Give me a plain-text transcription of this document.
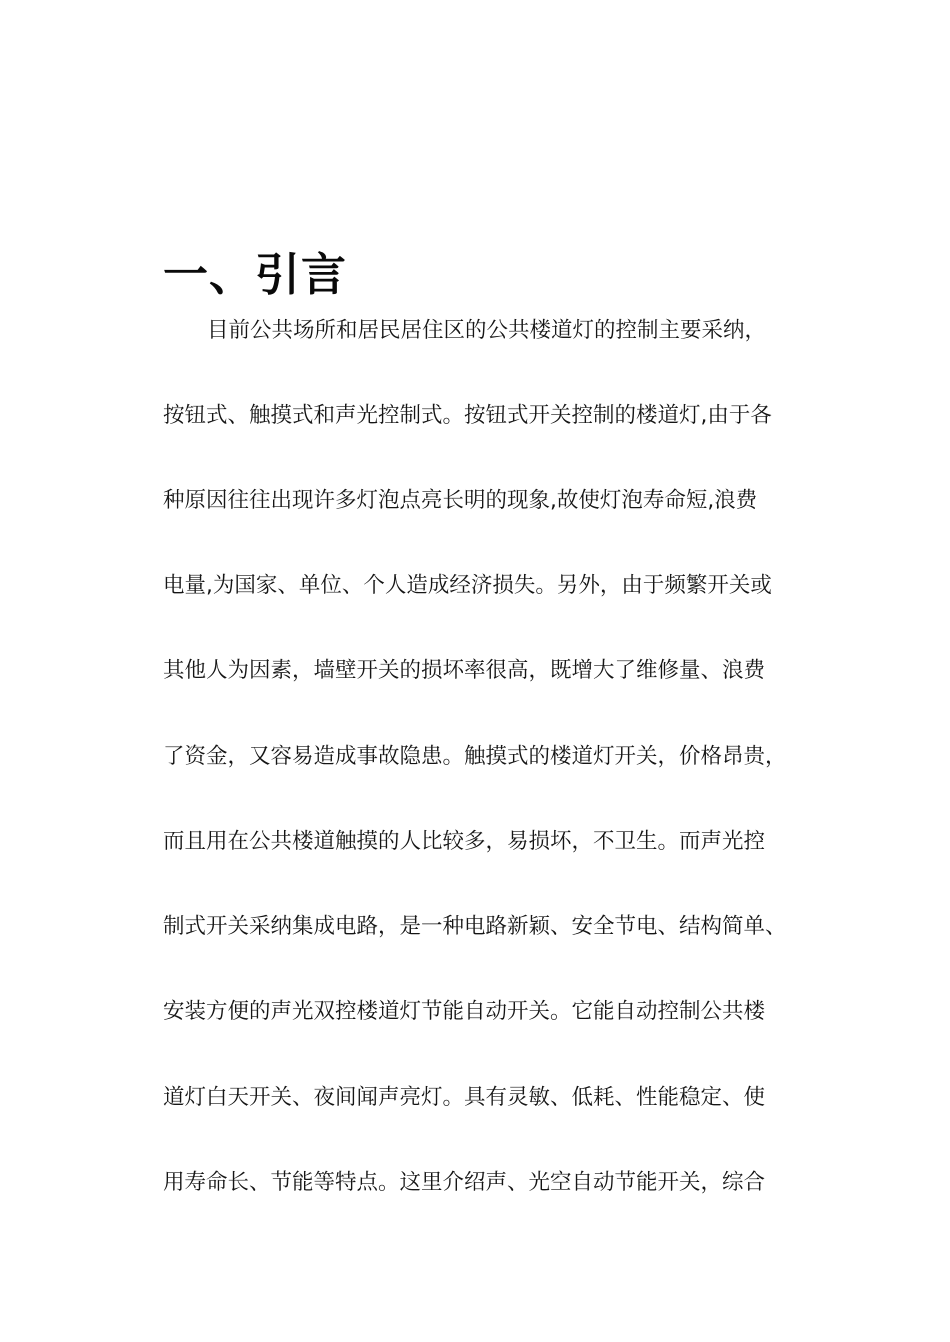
一、引言

目前公共场所和居民居住区的公共楼道灯的控制主要采纳，

按钮式、触摸式和声光控制式。按钮式开关控制的楼道灯,由于各

种原因往往出现许多灯泡点亮长明的现象,故使灯泡寿命短,浪费

电量,为国家、单位、个人造成经济损失。另外，由于频繁开关或

其他人为因素，墙壁开关的损坏率很高，既增大了维修量、浪费

了资金，又容易造成事故隐患。触摸式的楼道灯开关，价格昂贵，

而且用在公共楼道触摸的人比较多，易损坏，不卫生。而声光控

制式开关采纳集成电路，是一种电路新颖、安全节电、结构简单、

安装方便的声光双控楼道灯节能自动开关。它能自动控制公共楼

道灯白天开关、夜间闻声亮灯。具有灵敏、低耗、性能稳定、使

用寿命长、节能等特点。这里介绍声、光空自动节能开关，综合
